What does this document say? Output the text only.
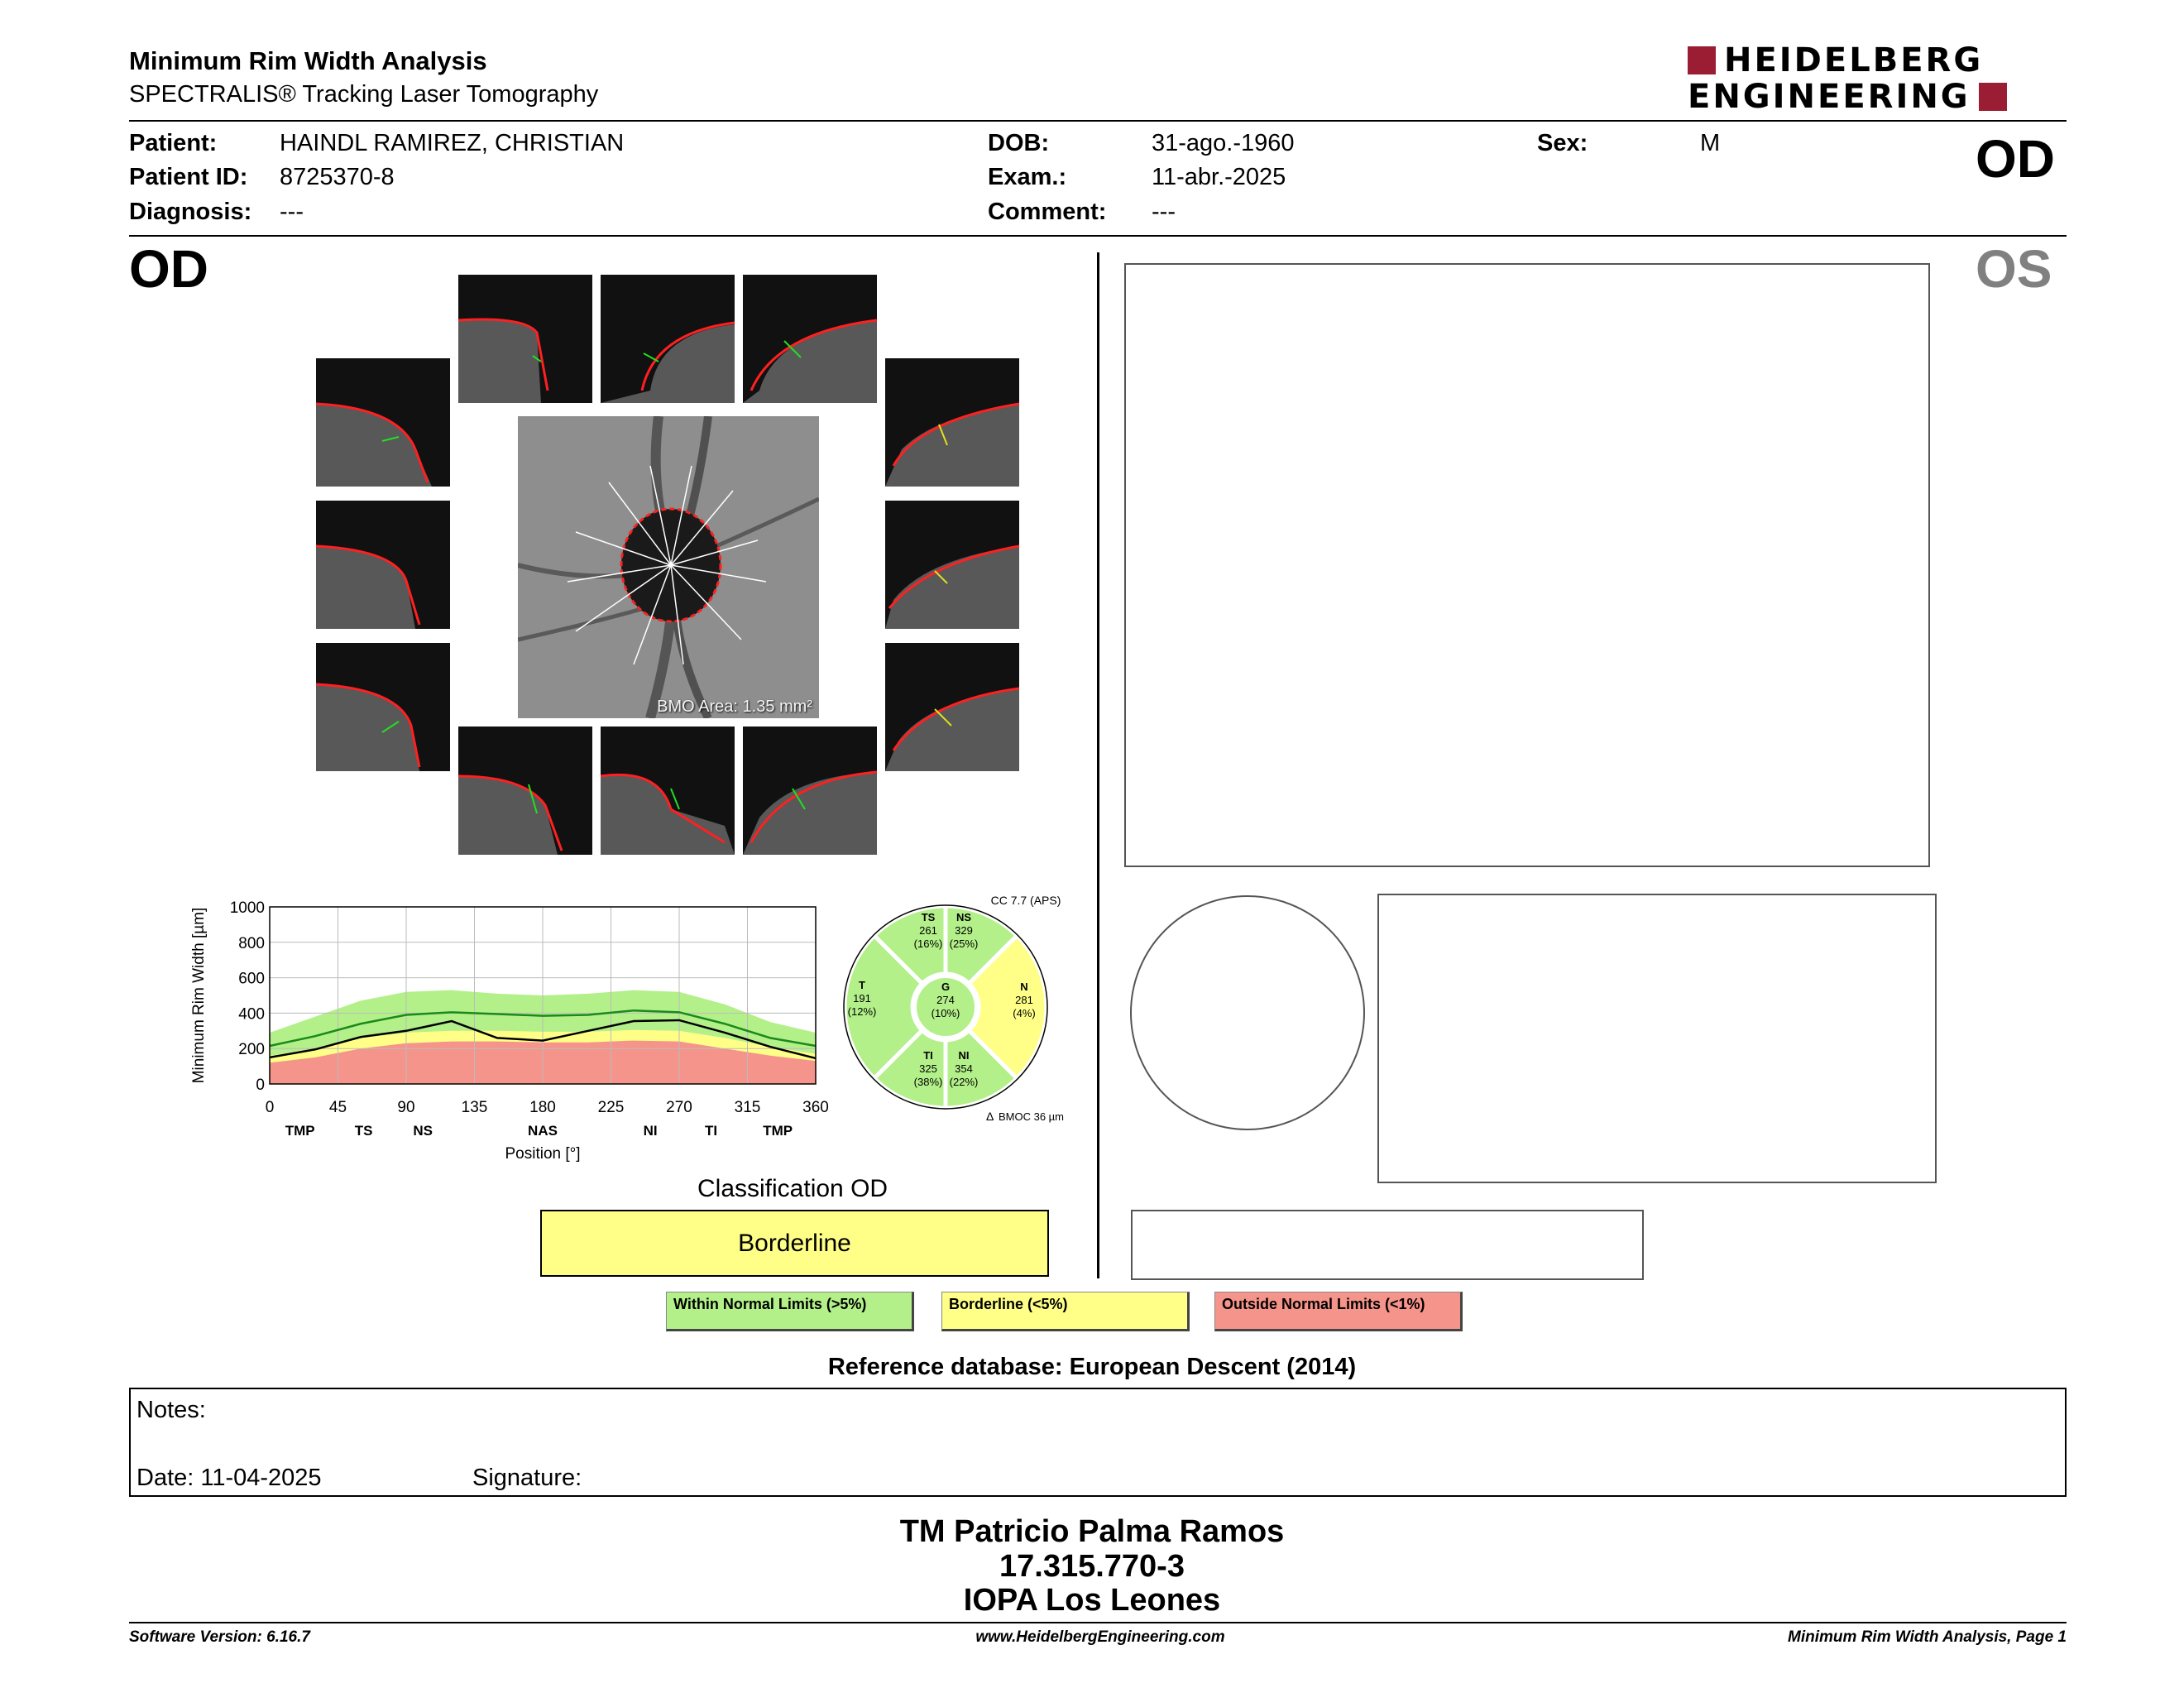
Minimum Rim Width Analysis
SPECTRALIS® Tracking Laser Tomography
HEIDELBERG
ENGINEERING
Patient:	HAINDL RAMIREZ, CHRISTIAN
Patient ID: 8725370-8
Diagnosis: ---
DOB:	31-ago.-1960
Exam.:	11-abr.-2025
Comment: ---
Sex:	M	OD
OD	OS
BMO Area: 1.35 mm²
0	45	90	135	180	225	270	315	360
0
200
400
600
800
1000
TMP	TS	NS	NAS	NI	TI	TMP
Minimum Rim Width [µm]
Position [°]
CC 7.7 (APS)
TS
261
(16%)
NS
329
(25%)
T
191
(12%)
G
274
(10%)
N
281
(4%)
TI
325
(38%)
NI
354
(22%)
Δ BMOC 36 µm
Classification OD
Borderline
Within Normal Limits (>5%)	Borderline (<5%)	Outside Normal Limits (<1%)
Reference database: European Descent (2014)
Notes:
Date: 11-04-2025	Signature:
TM Patricio Palma Ramos
17.315.770-3
IOPA Los Leones
Software Version: 6.16.7	www.HeidelbergEngineering.com	Minimum Rim Width Analysis, Page 1
